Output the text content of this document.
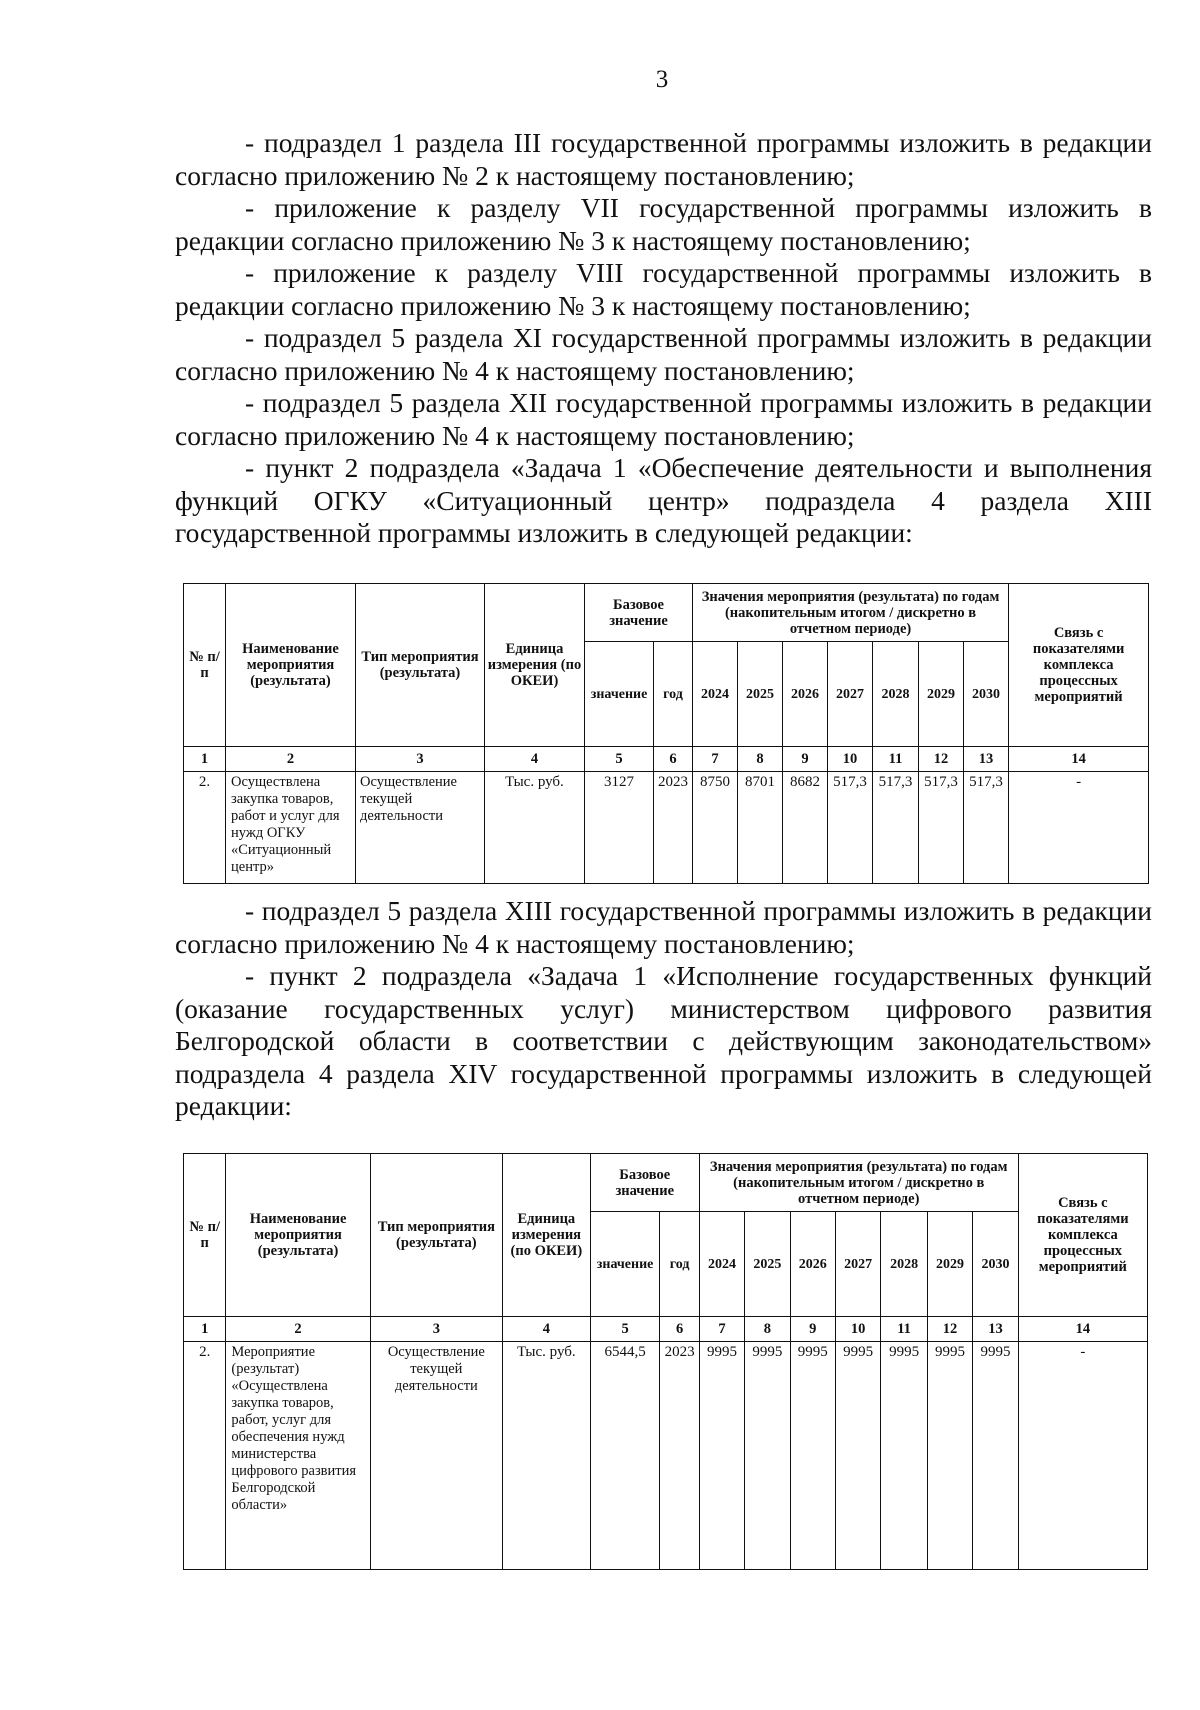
3

- подраздел 1 раздела III государственной программы изложить в редакции согласно приложению № 2 к настоящему постановлению;

- приложение к разделу VII государственной программы изложить в редакции согласно приложению № 3 к настоящему постановлению;

- приложение к разделу VIII государственной программы изложить в редакции согласно приложению № 3 к настоящему постановлению;

- подраздел 5 раздела XI государственной программы изложить в редакции согласно приложению № 4 к настоящему постановлению;

- подраздел 5 раздела XII государственной программы изложить в редакции согласно приложению № 4 к настоящему постановлению;

- пункт 2 подраздела «Задача 1 «Обеспечение деятельности и выполнения функций ОГКУ «Ситуационный центр» подраздела 4 раздела XIII государственной программы изложить в следующей редакции:

№ п/п	Наименование мероприятия (результата)	Тип мероприятия (результата)	Единица измерения (по ОКЕИ)	Базовое значение		Значения мероприятия (результата) по годам (накопительным итогом / дискретно в отчетном периоде)							Связь с показателями комплекса процессных мероприятий
				значение	год	2024	2025	2026	2027	2028	2029	2030	
1	2	3	4	5	6	7	8	9	10	11	12	13	14
2.	Осуществлена закупка товаров, работ и услуг для нужд ОГКУ «Ситуационный центр»	Осуществление текущей деятельности	Тыс. руб.	3127	2023	8750	8701	8682	517,3	517,3	517,3	517,3	-

- подраздел 5 раздела XIII государственной программы изложить в редакции согласно приложению № 4 к настоящему постановлению;

- пункт 2 подраздела «Задача 1 «Исполнение государственных функций (оказание государственных услуг) министерством цифрового развития Белгородской области в соответствии с действующим законодательством» подраздела 4 раздела XIV государственной программы изложить в следующей редакции:

№ п/п	Наименование мероприятия (результата)	Тип мероприятия (результата)	Единица измерения (по ОКЕИ)	Базовое значение		Значения мероприятия (результата) по годам (накопительным итогом / дискретно в отчетном периоде)							Связь с показателями комплекса процессных мероприятий
				значение	год	2024	2025	2026	2027	2028	2029	2030	
1	2	3	4	5	6	7	8	9	10	11	12	13	14
2.	Мероприятие (результат) «Осуществлена закупка товаров, работ, услуг для обеспечения нужд министерства цифрового развития Белгородской области»	Осуществление текущей деятельности	Тыс. руб.	6544,5	2023	9995	9995	9995	9995	9995	9995	9995	-
